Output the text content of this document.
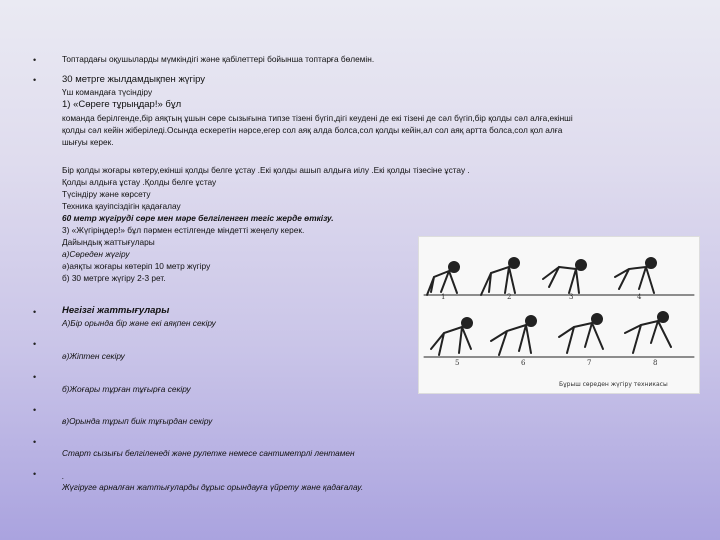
•
•
•
•
•
•
•
•
Топтардағы оқушыларды мүмкіндігі және қабілеттері бойынша топтарға бөлемін.
30 метрге жылдамдықпен жүгіру
Үш командаға түсіндіру
1) «Сөреге тұрыңдар!» бұл
команда берілгенде,бір аяқтың ұшын сөре сызығына типзе тізені бүгіп,дігі кеудені де екі тізені де сәл бүгіп,бір қолды сәл алға,екінші
қолды сәл кейін жіберіледі.Осында ескеретін нәрсе,егер сол аяқ алда болса,сол қолды кейін,ал сол аяқ артта болса,сол қол алға
шығуы керек.
Бір қолды жоғары көтеру,екінші қолды белге ұстау .Екі қолды ашып алдыға иілу .Екі қолды тізесіне ұстау .
Қолды алдыға ұстау .Қолды белге ұстау
Түсіндіру және көрсету
Техника қауіпсіздігін қадағалау
60 метр жүгіруді сөре мен мәре белгіленген тегіс жерде өткізу.
3) «Жүгіріңдер!» бұл пәрмен естілгенде міндетті жеңелу керек.
Дайындық жаттығулары
а)Сөреден жүгіру
ә)аяқты жоғары көтеріп 10 метр жүгіру
б) 30 метрге жүгіру 2-3 рет.
Негізгі жаттығулары
А)Бір орында бір және екі аяқпен секіру
ә)Жіптен секіру
б)Жоғары тұрған тұғырға секіру
в)Орында тұрып биік тұғырдан секіру
Старт сызығы белгіленеді және рулетке немесе сантиметрлі лентамен
.
Жүгіруге арналған жаттығуларды дұрыс орындауға үйрету және қадағалау.
1	2	3	4
5	6	7	8
Бұрыш сөреден жүгіру техникасы
